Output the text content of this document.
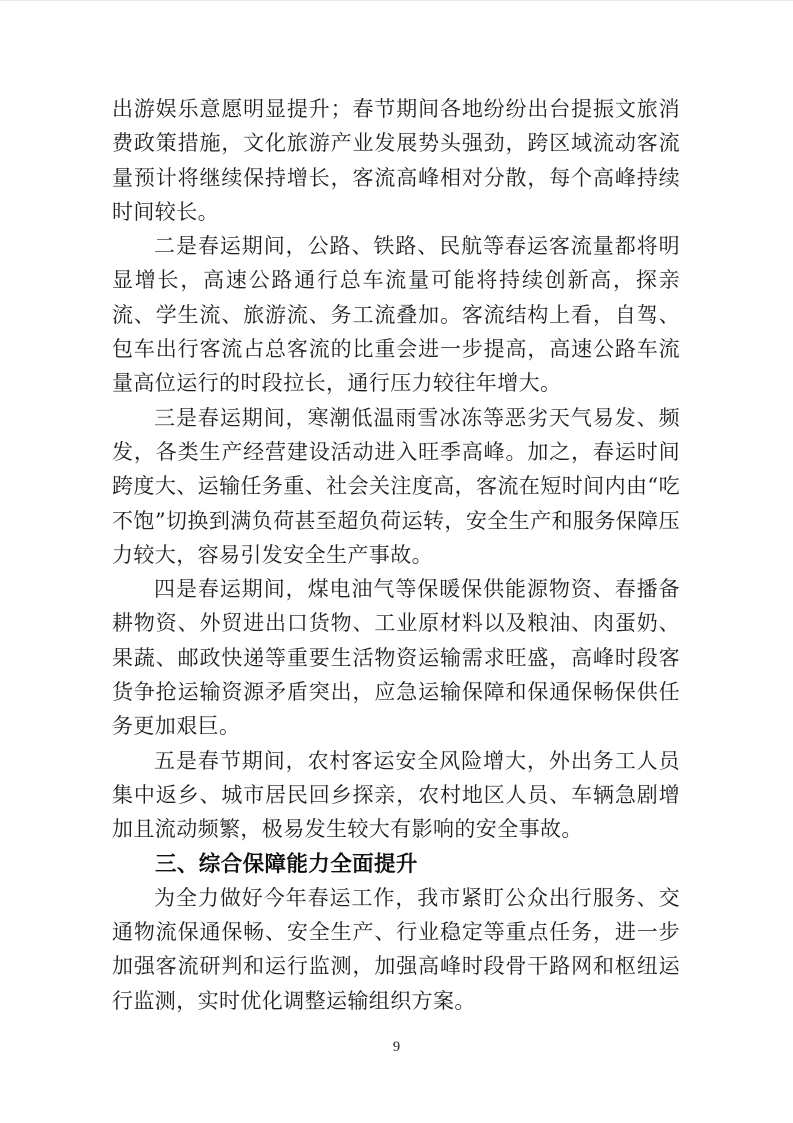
出游娱乐意愿明显提升；春节期间各地纷纷出台提振文旅消费政策措施，文化旅游产业发展势头强劲，跨区域流动客流量预计将继续保持增长，客流高峰相对分散，每个高峰持续时间较长。

二是春运期间，公路、铁路、民航等春运客流量都将明显增长，高速公路通行总车流量可能将持续创新高，探亲流、学生流、旅游流、务工流叠加。客流结构上看，自驾、包车出行客流占总客流的比重会进一步提高，高速公路车流量高位运行的时段拉长，通行压力较往年增大。

三是春运期间，寒潮低温雨雪冰冻等恶劣天气易发、频发，各类生产经营建设活动进入旺季高峰。加之，春运时间跨度大、运输任务重、社会关注度高，客流在短时间内由“吃不饱”切换到满负荷甚至超负荷运转，安全生产和服务保障压力较大，容易引发安全生产事故。

四是春运期间，煤电油气等保暖保供能源物资、春播备耕物资、外贸进出口货物、工业原材料以及粮油、肉蛋奶、果蔬、邮政快递等重要生活物资运输需求旺盛，高峰时段客货争抢运输资源矛盾突出，应急运输保障和保通保畅保供任务更加艰巨。

五是春节期间，农村客运安全风险增大，外出务工人员集中返乡、城市居民回乡探亲，农村地区人员、车辆急剧增加且流动频繁，极易发生较大有影响的安全事故。

三、综合保障能力全面提升

为全力做好今年春运工作，我市紧盯公众出行服务、交通物流保通保畅、安全生产、行业稳定等重点任务，进一步加强客流研判和运行监测，加强高峰时段骨干路网和枢纽运行监测，实时优化调整运输组织方案。

9
